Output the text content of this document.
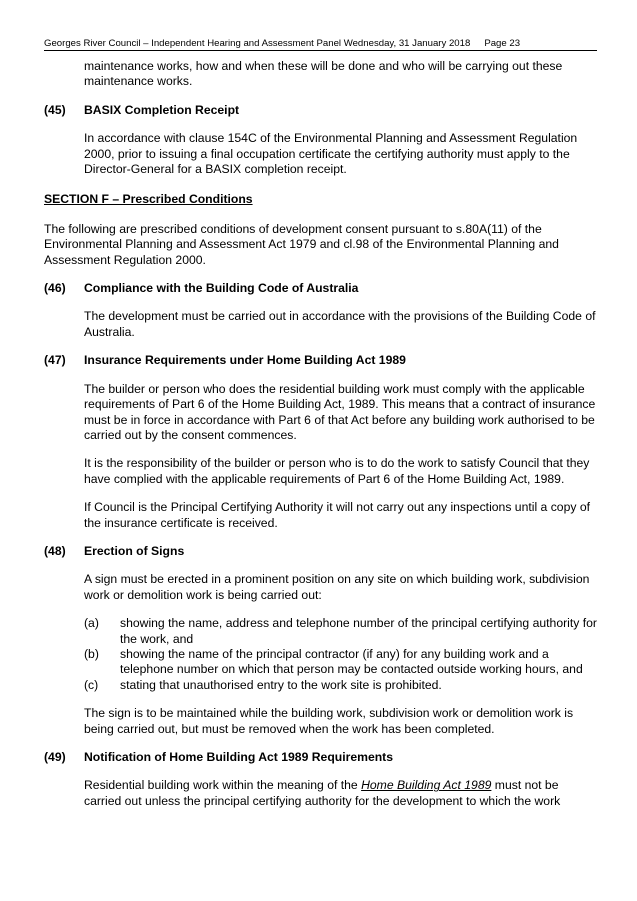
Georges River Council – Independent Hearing and Assessment Panel Wednesday, 31 January 2018 Page 23

maintenance works, how and when these will be done and who will be carrying out these maintenance works.

(45)	BASIX Completion Receipt

In accordance with clause 154C of the Environmental Planning and Assessment Regulation 2000, prior to issuing a final occupation certificate the certifying authority must apply to the Director-General for a BASIX completion receipt.

SECTION F – Prescribed Conditions

The following are prescribed conditions of development consent pursuant to s.80A(11) of the Environmental Planning and Assessment Act 1979 and cl.98 of the Environmental Planning and Assessment Regulation 2000.

(46)	Compliance with the Building Code of Australia

The development must be carried out in accordance with the provisions of the Building Code of Australia.

(47)	Insurance Requirements under Home Building Act 1989

The builder or person who does the residential building work must comply with the applicable requirements of Part 6 of the Home Building Act, 1989. This means that a contract of insurance must be in force in accordance with Part 6 of that Act before any building work authorised to be carried out by the consent commences.

It is the responsibility of the builder or person who is to do the work to satisfy Council that they have complied with the applicable requirements of Part 6 of the Home Building Act, 1989.

If Council is the Principal Certifying Authority it will not carry out any inspections until a copy of the insurance certificate is received.

(48)	Erection of Signs

A sign must be erected in a prominent position on any site on which building work, subdivision work or demolition work is being carried out:

(a)	showing the name, address and telephone number of the principal certifying authority for the work, and
(b)	showing the name of the principal contractor (if any) for any building work and a telephone number on which that person may be contacted outside working hours, and
(c)	stating that unauthorised entry to the work site is prohibited.

The sign is to be maintained while the building work, subdivision work or demolition work is being carried out, but must be removed when the work has been completed.

(49)	Notification of Home Building Act 1989 Requirements

Residential building work within the meaning of the Home Building Act 1989 must not be carried out unless the principal certifying authority for the development to which the work
